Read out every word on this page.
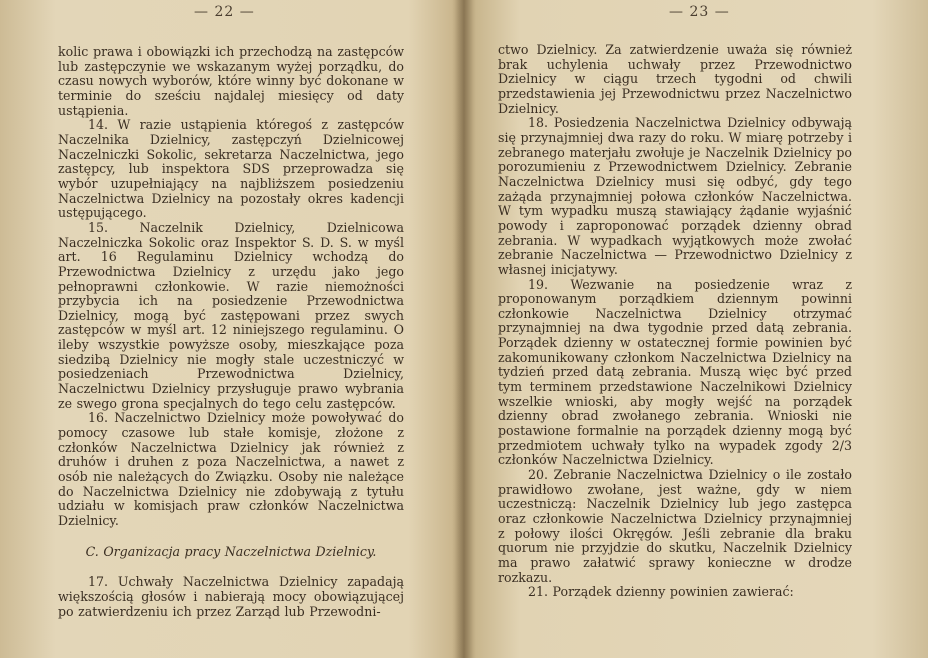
— 22 —

kolic prawa i obowiązki ich przechodzą na zastępców lub zastępczynie we wskazanym wyżej porządku, do czasu nowych wyborów, które winny być dokonane w terminie do sześciu najdalej miesięcy od daty ustąpienia.

14. W razie ustąpienia któregoś z zastępców Naczelnika Dzielnicy, zastępczyń Dzielnicowej Naczelniczki Sokolic, sekretarza Naczelnictwa, jego zastępcy, lub inspektora SDS przeprowadza się wybór uzupełniający na najbliższem posiedzeniu Naczelnictwa Dzielnicy na pozostały okres kadencji ustępującego.

15. Naczelnik Dzielnicy, Dzielnicowa Naczelniczka Sokolic oraz Inspektor S. D. S. w myśl art. 16 Regulaminu Dzielnicy wchodzą do Przewodnictwa Dzielnicy z urzędu jako jego pełnoprawni członkowie. W razie niemożności przybycia ich na posiedzenie Przewodnictwa Dzielnicy, mogą być zastępowani przez swych zastępców w myśl art. 12 niniejszego regulaminu. O ileby wszystkie powyższe osoby, mieszkające poza siedzibą Dzielnicy nie mogły stale uczestniczyć w posiedzeniach Przewodnictwa Dzielnicy, Naczelnictwu Dzielnicy przysługuje prawo wybrania ze swego grona specjalnych do tego celu zastępców.

16. Naczelnictwo Dzielnicy może powoływać do pomocy czasowe lub stałe komisje, złożone z członków Naczelnictwa Dzielnicy jak również z druhów i druhen z poza Naczelnictwa, a nawet z osób nie należących do Związku. Osoby nie należące do Naczelnictwa Dzielnicy nie zdobywają z tytułu udziału w komisjach praw członków Naczelnictwa Dzielnicy.

C. Organizacja pracy Naczelnictwa Dzielnicy.

17. Uchwały Naczelnictwa Dzielnicy zapadają większością głosów i nabierają mocy obowiązującej po zatwierdzeniu ich przez Zarząd lub Przewodni-

— 23 —

ctwo Dzielnicy. Za zatwierdzenie uważa się również brak uchylenia uchwały przez Przewodnictwo Dzielnicy w ciągu trzech tygodni od chwili przedstawienia jej Przewodnictwu przez Naczelnictwo Dzielnicy.

18. Posiedzenia Naczelnictwa Dzielnicy odbywają się przynajmniej dwa razy do roku. W miarę potrzeby i zebranego materjału zwołuje je Naczelnik Dzielnicy po porozumieniu z Przewodnictwem Dzielnicy. Zebranie Naczelnictwa Dzielnicy musi się odbyć, gdy tego zażąda przynajmniej połowa członków Naczelnictwa. W tym wypadku muszą stawiający żądanie wyjaśnić powody i zaproponować porządek dzienny obrad zebrania. W wypadkach wyjątkowych może zwołać zebranie Naczelnictwa — Przewodnictwo Dzielnicy z własnej inicjatywy.

19. Wezwanie na posiedzenie wraz z proponowanym porządkiem dziennym powinni członkowie Naczelnictwa Dzielnicy otrzymać przynajmniej na dwa tygodnie przed datą zebrania. Porządek dzienny w ostatecznej formie powinien być zakomunikowany członkom Naczelnictwa Dzielnicy na tydzień przed datą zebrania. Muszą więc być przed tym terminem przedstawione Naczelnikowi Dzielnicy wszelkie wnioski, aby mogły wejść na porządek dzienny obrad zwołanego zebrania. Wnioski nie postawione formalnie na porządek dzienny mogą być przedmiotem uchwały tylko na wypadek zgody 2/3 członków Naczelnictwa Dzielnicy.

20. Zebranie Naczelnictwa Dzielnicy o ile zostało prawidłowo zwołane, jest ważne, gdy w niem uczestniczą: Naczelnik Dzielnicy lub jego zastępca oraz członkowie Naczelnictwa Dzielnicy przynajmniej z połowy ilości Okręgów. Jeśli zebranie dla braku quorum nie przyjdzie do skutku, Naczelnik Dzielnicy ma prawo załatwić sprawy konieczne w drodze rozkazu.

21. Porządek dzienny powinien zawierać:
